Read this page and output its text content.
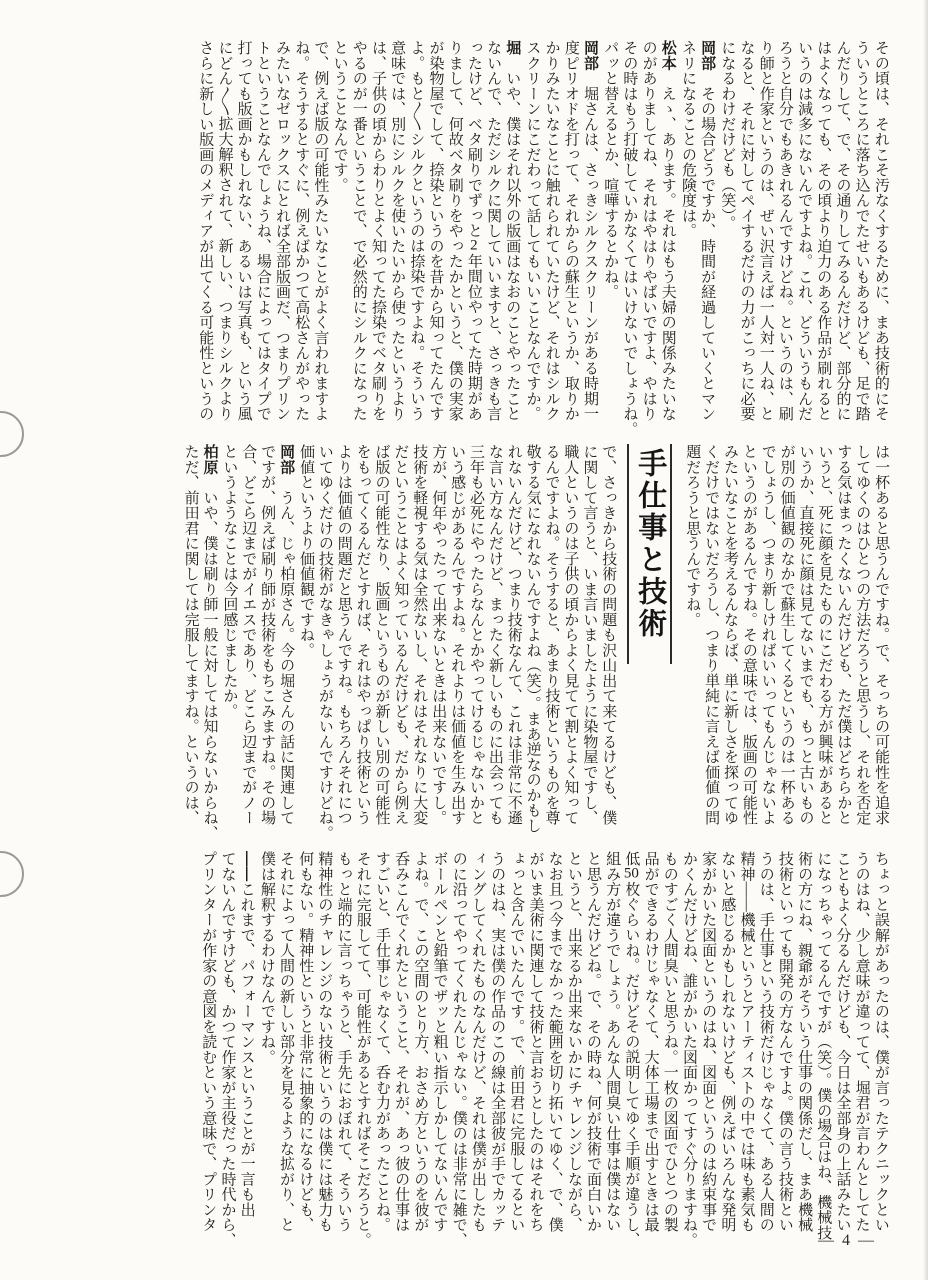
その頃は、それこそ汚なくするために、まあ技術的にそ
ういうところに落ち込んでたせいもあるけども、足で踏
んだりして、で、その通りしてみるんだけど、部分的に
はよくなっても、その頃より迫力のある作品が刷れると
いうのは減多にないんですよね。これ、どういうもんだ
ろうと自分でもあきれるんですけどね。というのは、刷
り師と作家というのは、ぜい沢言えば一人対一人ね、と
なると、それに対してペイするだけの力がこっちに必要
になるわけだけども（笑）。
岡部　その場合どうですか、時間が経過していくとマン
ネリになることの危険度は。
松本　えゝ、あります。それはもう夫婦の関係みたいな
のがありましてね、それはやはりやばいですよ、やはり
その時はもう打破していかなくてはいけないでしょうね。
パッと替えるとか、喧嘩するとかね。
岡部　堀さんは、さっきシルクスクリーンがある時期一
度ピリオドを打って、それからの蘇生というか、取りか
かりみたいなことに触れられていたけど、それはシルク
スクリーンにこだわって話してもいいことなんですか。
堀　いや、僕はそれ以外の版画はなおのことやったこと
ないんで、ただシルクに関していいますと、さっきも言
ったけど、ベタ刷りでずっと2年間位やってた時期があ
りまして、何故ベタ刷りをやったかというと、僕の実家
が染物屋でして、捺染というのを昔から知ってたんです
よ。もと〳〵シルクというのは捺染ですよね。そういう
意味では、別にシルクを使いたいから使ったというより
は、子供の頃からわりとよく知ってた捺染でベタ刷りを
やるのが一番ということで、で必然的にシルクになった
ということなんです。
で、例えば版の可能性みたいなことがよく言われますよ
ね。そうするとすぐに、例えばかつて高松さんがやった
みたいなゼロックスにとれば全部版画だ、つまりプリン
トということなんでしょうね、場合によってはタイプで
打っても版画かもしれない、あるいは写真も、という風
にどん〳〵拡大解釈されて、新しい、つまりシルクより
さらに新しい版画のメディアが出てくる可能性というの
は一杯あると思うんですね。で、そっちの可能性を追求
してゆくのはひとつの方法だろうと思うし、それを否定
する気はまったくないんだけども、ただ僕はどちらかと
いうと、死に顔を見たものにこだわる方が興味があると
いうか、直接死に顔は見てないまでも、もっと古いもの
が別の価値観のなかで蘇生してくるというのは一杯ある
でしょうし、つまり新しければいいってもんじゃないよ
というのがあるんですね。その意味では、版画の可能性
みたいなことを考えるんならば、単に新しさを探ってゆ
くだけではないだろうし、つまり単純に言えば価値の問
題だろうと思うんですね。
手仕事と技術
で、さっきから技術の問題も沢山出て来てるけども、僕
に関して言うと、いま言いましたように染物屋ですし、
職人というのは子供の頃からよく見てて割とよく知って
るんですよね。そうすると、あまり技術というものを尊
敬する気になれないんですよね（笑）。まあ逆なのかもし
れないんだけど、つまり技術なんて、これは非常に不遜
な言い方なんだけど、まったく新しいものに出会っても
三年も必死にやったらなんとかやってけるじゃないかと
いう感じがあるんですよね。それよりは価値を生み出す
方が、何年やったって出来ないときは出来ないですし。
技術を軽視する気は全然ないし、それはそれなりに大変
だということはよく知っているんだけども、だから例え
ば版の可能性なり、版画というものが新しい別の可能性
をもってくるんだとすれば、それはやっぱり技術という
よりは価値の問題だと思うんですね。もちろんそれにつ
いてゆくだけの技術がなきゃしょうがないんですけどね。
価値というより価値観ですね。
岡部　うん、じゃ柏原さん。今の堀さんの話に関連して
ですが、例えば刷り師が技術をもちこみますね。その場
合、どこら辺までがイエスであり、どこら辺までがノー
というようなことは今回感じましたか。
柏原　いや、僕は刷り師一般に対しては知らないからね、
ただ、前田君に関しては完服してますね。というのは、
ちょっと誤解があったのは、僕が言ったテクニックとい
うのはね、少し意味が違ってて、堀君が言わんとしてた
こともよく分るんだけども、今日は全部身の上話みたい
になっちゃってるんですが（笑）。僕の場合はね、機械技
術の方にね、親爺がそういう仕事の関係だし、まあ機械
技術といっても開発の方なんですよ。僕の言う技術とい
うのは、手仕事という技術だけじゃなくて、ある人間の
精神——機械というとアーティストの中では味も素気も
ないと感じるかもしれないけども、例えばいろんな発明
家がかいた図面というのはね、図面というのは約束事で
かくんだけどね、誰がかいた図面かってすぐ分りますね。
ものすごく人間臭いと思うね。一枚の図面でひとつの製
品ができるわけじゃなくて、大体工場まで出すときは最
低50枚ぐらいね。だけどその説明してゆく手順が違うし、
組み方が違うでしょう。あんな人間臭い仕事は僕はない
と思うんだけどね。で、その時ね、何が技術で面白いか
というと、出来るか出来ないかにチャレンジしながら、
なお且つ今までなかった範囲を切り拓いてゆく、で、僕
がいま美術に関連して技術と言おうとしたのはそれをち
ょっと含んでいたんです。で、前田君に完服してるとい
うのはね、実は僕の作品のこの線は全部彼が手でカッテ
ィングしてくれたものなんだけど、それは僕が出したも
のに沿ってやってくれたんじゃない。僕のは非常に雑で、
ボールペンと鉛筆でザッと粗い指示しかしてないんです
よね。で、この空間のとり方、おさめ方というのを彼が
呑みこんでくれたということ、それが、あっ彼の仕事は
すごいと、手仕事じゃなくて、呑む力があったことね。
それに完服してて、可能性があるとすればそこだろうと。
もっと端的に言っちゃうと、手先におぼれて、そういう
精神性のチャレンジのない技術というのは僕には魅力も
何もない。精神性というと非常に抽象的になるけども、
それによって人間の新しい部分を見るような拡がり、と
僕は解釈するわけなんですね。
――これまで、パフォーマンスということが一言も出
てないんですけども、かつて作家が主役だった時代から、
プリンターが作家の意図を読むという意味で、プリンタ
— 4 —
